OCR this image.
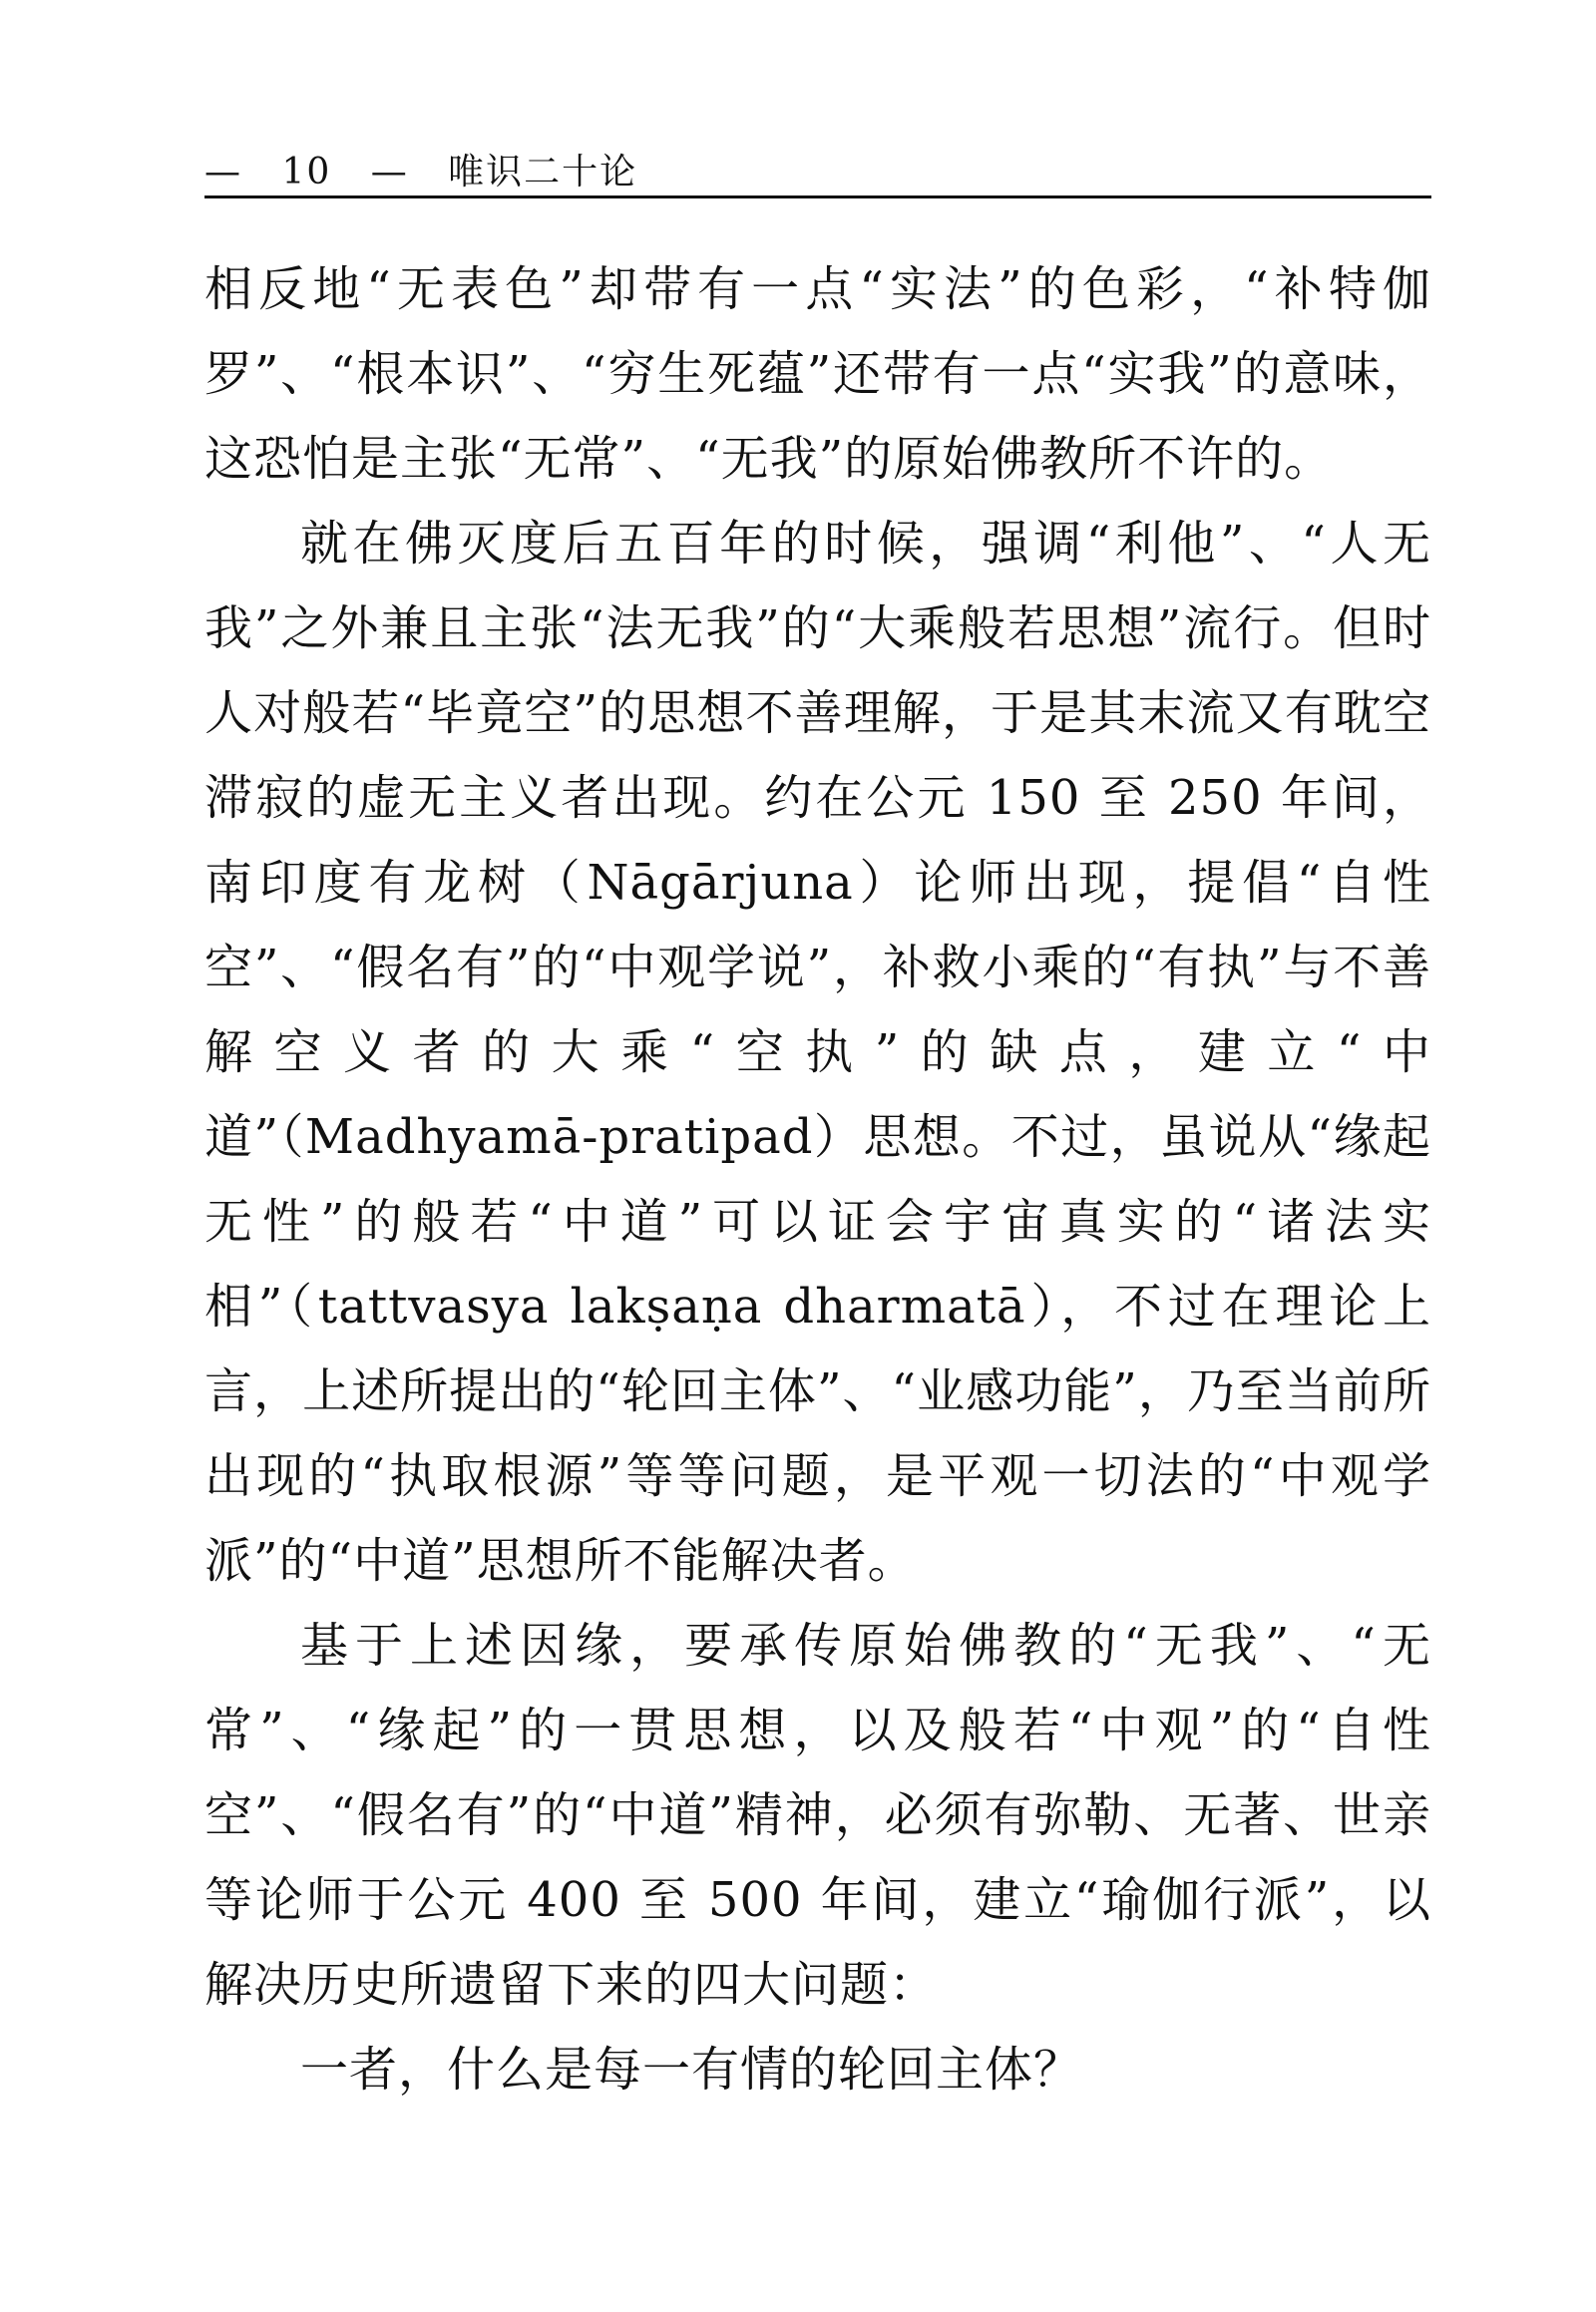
— 10 — 唯识二十论

相反地“无表色”却带有一点“实法”的色彩，“补特伽罗”、“根本识”、“穷生死蕴”还带有一点“实我”的意味，这恐怕是主张“无常”、“无我”的原始佛教所不许的。

就在佛灭度后五百年的时候，强调“利他”、“人无我”之外兼且主张“法无我”的“大乘般若思想”流行。但时人对般若“毕竟空”的思想不善理解，于是其末流又有耽空滞寂的虚无主义者出现。约在公元 150 至 250 年间，南印度有龙树（Nāgārjuna）论师出现，提倡“自性空”、“假名有”的“中观学说”，补救小乘的“有执”与不善解空义者的大乘“空执”的缺点，建立“中道”（Madhyamā-pratipad）思想。不过，虽说从“缘起无性”的般若“中道”可以证会宇宙真实的“诸法实相”（tattvasya lakṣaṇa dharmatā），不过在理论上言，上述所提出的“轮回主体”、“业感功能”，乃至当前所出现的“执取根源”等等问题，是平观一切法的“中观学派”的“中道”思想所不能解决者。

基于上述因缘，要承传原始佛教的“无我”、“无常”、“缘起”的一贯思想，以及般若“中观”的“自性空”、“假名有”的“中道”精神，必须有弥勒、无著、世亲等论师于公元 400 至 500 年间，建立“瑜伽行派”，以解决历史所遗留下来的四大问题：

一者，什么是每一有情的轮回主体？
